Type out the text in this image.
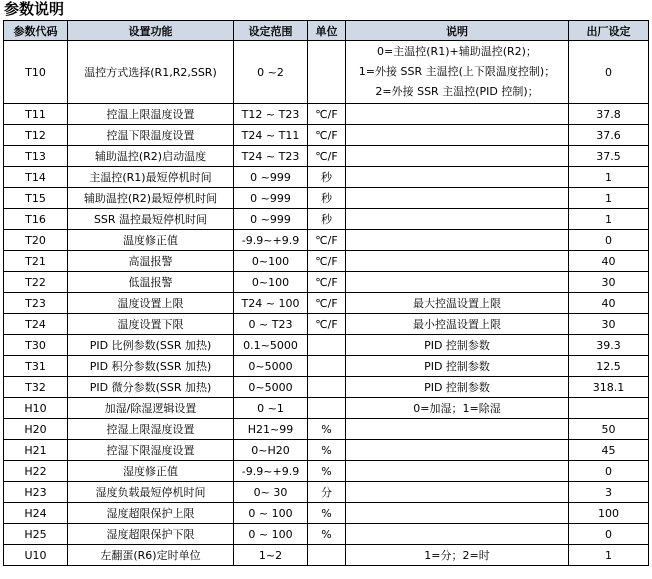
参数说明
参数代码	设置功能	设定范围	单位	说明	出厂设定
T10	温控方式选择(R1,R2,SSR)	0 ~2		0=主温控(R1)+辅助温控(R2)；
1=外接 SSR 主温控(上下限温度控制)；
2=外接 SSR 主温控(PID 控制)；	0
T11	控温上限温度设置	T12 ~ T23	℃/F		37.8
T12	控温下限温度设置	T24 ~ T11	℃/F		37.6
T13	辅助温控(R2)启动温度	T24 ~ T23	℃/F		37.5
T14	主温控(R1)最短停机时间	0 ~999	秒		1
T15	辅助温控(R2)最短停机时间	0 ~999	秒		1
T16	SSR 温控最短停机时间	0 ~999	秒		1
T20	温度修正值	-9.9~+9.9	℃/F		0
T21	高温报警	0~100	℃/F		40
T22	低温报警	0~100	℃/F		30
T23	温度设置上限	T24 ~ 100	℃/F	最大控温设置上限	40
T24	温度设置下限	0 ~ T23	℃/F	最小控温设置上限	30
T30	PID 比例参数(SSR 加热)	0.1~5000		PID 控制参数	39.3
T31	PID 积分参数(SSR 加热)	0~5000		PID 控制参数	12.5
T32	PID 微分参数(SSR 加热)	0~5000		PID 控制参数	318.1
H10	加湿/除湿逻辑设置	0 ~1		0=加湿；1=除湿	
H20	控湿上限湿度设置	H21~99	%		50
H21	控湿下限湿度设置	0~H20	%		45
H22	湿度修正值	-9.9~+9.9	%		0
H23	湿度负载最短停机时间	0~ 30	分		3
H24	湿度超限保护上限	0 ~ 100	%		100
H25	湿度超限保护下限	0 ~ 100	%		0
U10	左翻蛋(R6)定时单位	1~2		1=分；2=时	1
